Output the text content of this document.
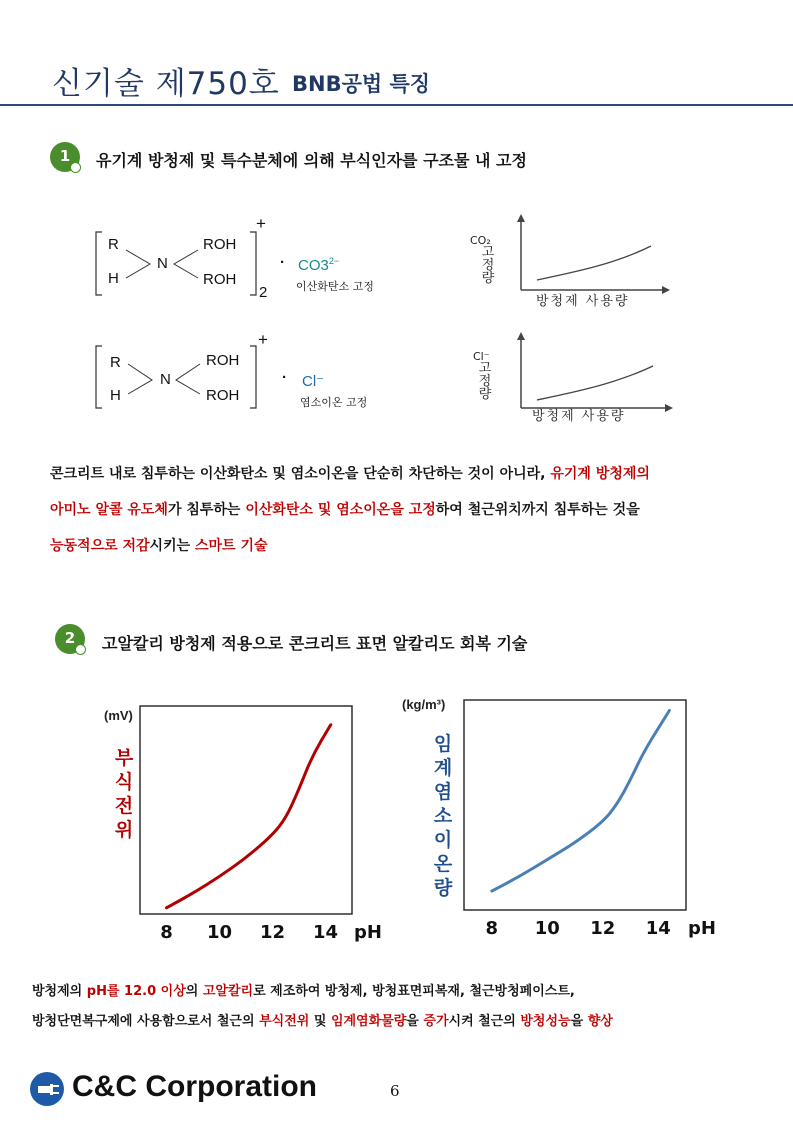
신기술 제750호 BNB공법 특징
1	유기계 방청제 및 특수분체에 의해 부식인자를 구조물 내 고정
R
H
N
ROH
ROH
+
2
· $CO3^{2-}$
이산화탄소 고정
R
H
N
ROH
ROH
+
· Cl⁻
염소이온 고정
CO₂
고
정
량
방청제 사용량
Cl⁻
고
정
량
방청제 사용량
콘크리트 내로 침투하는 이산화탄소 및 염소이온을 단순히 차단하는 것이 아니라, 유기계 방청제의
아미노 알콜 유도체가 침투하는 이산화탄소 및 염소이온을 고정하여 철근위치까지 침투하는 것을
능동적으로 저감시키는 스마트 기술
2	고알칼리 방청제 적용으로 콘크리트 표면 알칼리도 회복 기술
(mV)
부
식
전
위
8 10 12 14 pH
(kg/m³)
임
계
염
소
이
온
량
8 10 12 14 pH
방청제의 pH를 12.0 이상의 고알칼리로 제조하여 방청제, 방청표면피복재, 철근방청페이스트,
방청단면복구제에 사용함으로서 철근의 부식전위 및 임계염화물량을 증가시켜 철근의 방청성능을 향상
C&C Corporation	6
